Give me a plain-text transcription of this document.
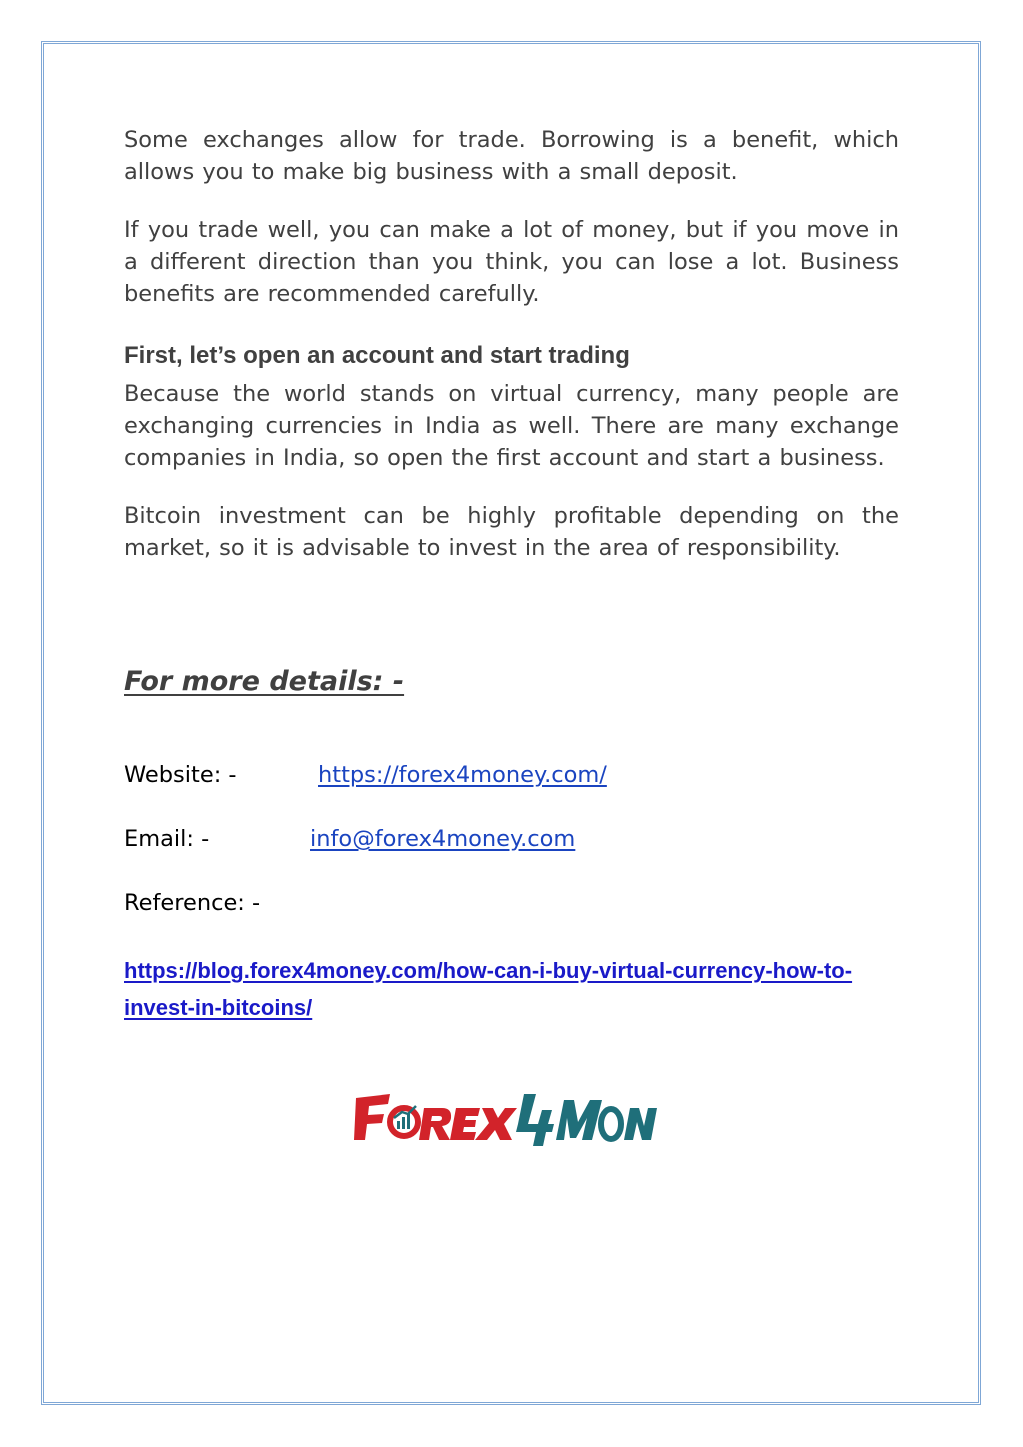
Some exchanges allow for trade. Borrowing is a benefit, which allows you to make big business with a small deposit.

If you trade well, you can make a lot of money, but if you move in a different direction than you think, you can lose a lot. Business benefits are recommended carefully.

First, let’s open an account and start trading

Because the world stands on virtual currency, many people are exchanging currencies in India as well. There are many exchange companies in India, so open the first account and start a business.

Bitcoin investment can be highly profitable depending on the market, so it is advisable to invest in the area of responsibility.

For more details: -
Website: -	https://forex4money.com/
Email: -	info@forex4money.com
Reference: -
https://blog.forex4money.com/how-can-i-buy-virtual-currency-how-to-invest-in-bitcoins/
